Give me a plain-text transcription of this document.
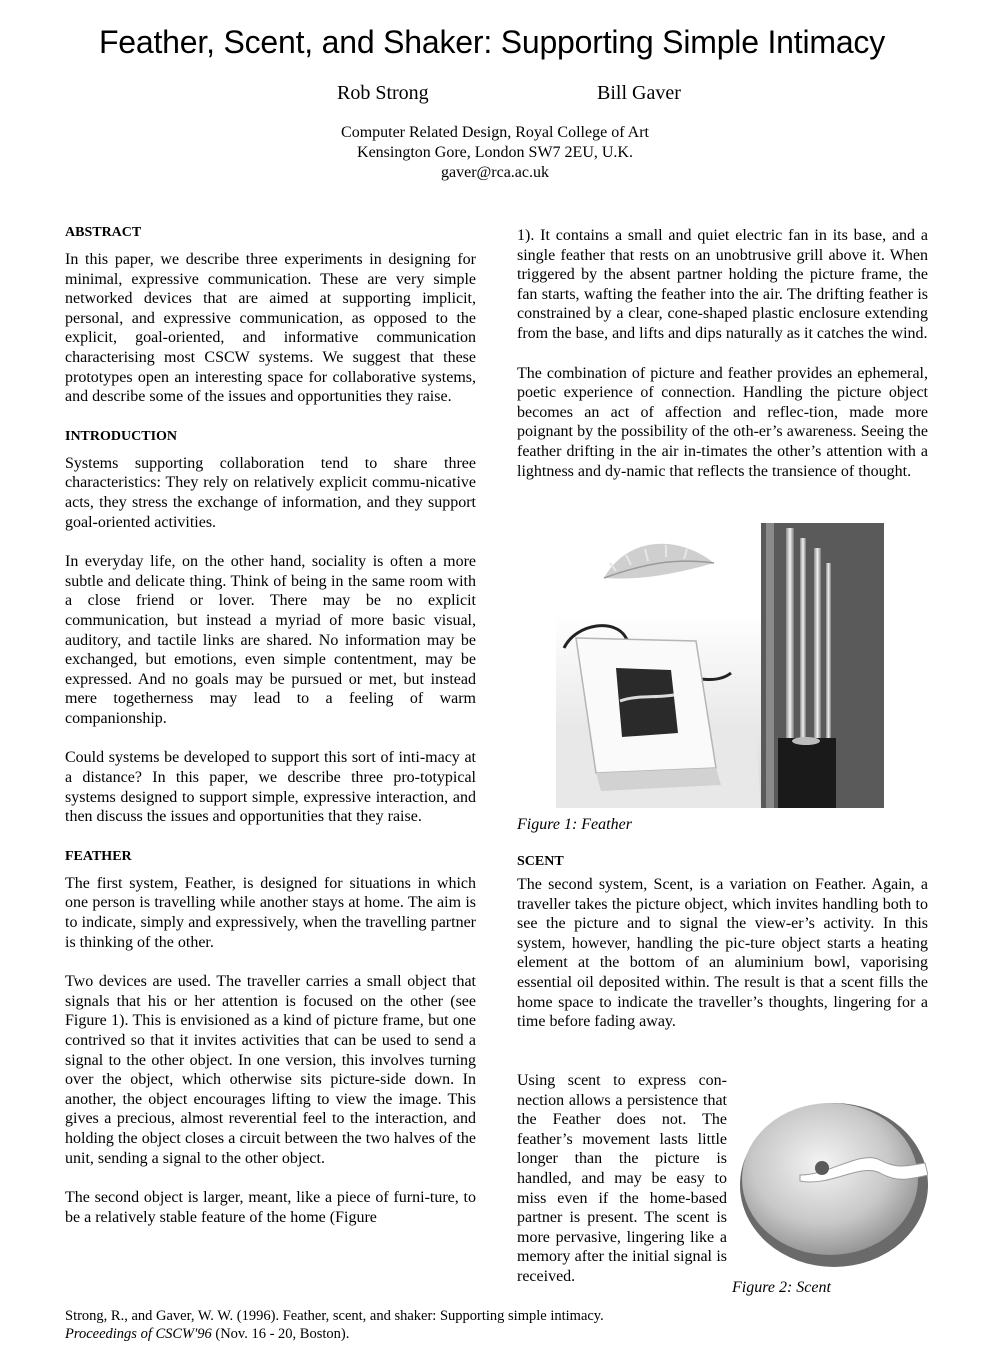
Feather, Scent, and Shaker: Supporting Simple Intimacy
Rob Strong	Bill Gaver
Computer Related Design, Royal College of Art
Kensington Gore, London SW7 2EU, U.K.
gaver@rca.ac.uk

ABSTRACT

In this paper, we describe three experiments in designing for minimal, expressive communication. These are very simple networked devices that are aimed at supporting implicit, personal, and expressive communication, as opposed to the explicit, goal-oriented, and informative communication characterising most CSCW systems. We suggest that these prototypes open an interesting space for collaborative systems, and describe some of the issues and opportunities they raise.

INTRODUCTION

Systems supporting collaboration tend to share three characteristics: They rely on relatively explicit commu-nicative acts, they stress the exchange of information, and they support goal-oriented activities.

In everyday life, on the other hand, sociality is often a more subtle and delicate thing. Think of being in the same room with a close friend or lover. There may be no explicit communication, but instead a myriad of more basic visual, auditory, and tactile links are shared. No information may be exchanged, but emotions, even simple contentment, may be expressed. And no goals may be pursued or met, but instead mere togetherness may lead to a feeling of warm companionship.

Could systems be developed to support this sort of inti-macy at a distance? In this paper, we describe three pro-totypical systems designed to support simple, expressive interaction, and then discuss the issues and opportunities that they raise.

FEATHER

The first system, Feather, is designed for situations in which one person is travelling while another stays at home. The aim is to indicate, simply and expressively, when the travelling partner is thinking of the other.

Two devices are used. The traveller carries a small object that signals that his or her attention is focused on the other (see Figure 1). This is envisioned as a kind of picture frame, but one contrived so that it invites activities that can be used to send a signal to the other object. In one version, this involves turning over the object, which otherwise sits picture-side down. In another, the object encourages lifting to view the image. This gives a precious, almost reverential feel to the interaction, and holding the object closes a circuit between the two halves of the unit, sending a signal to the other object.

The second object is larger, meant, like a piece of furni-ture, to be a relatively stable feature of the home (Figure

1). It contains a small and quiet electric fan in its base, and a single feather that rests on an unobtrusive grill above it. When triggered by the absent partner holding the picture frame, the fan starts, wafting the feather into the air. The drifting feather is constrained by a clear, cone-shaped plastic enclosure extending from the base, and lifts and dips naturally as it catches the wind.

The combination of picture and feather provides an ephemeral, poetic experience of connection. Handling the picture object becomes an act of affection and reflec-tion, made more poignant by the possibility of the oth-er’s awareness. Seeing the feather drifting in the air in-timates the other’s attention with a lightness and dy-namic that reflects the transience of thought.

Figure 1: Feather

SCENT

The second system, Scent, is a variation on Feather. Again, a traveller takes the picture object, which invites handling both to see the picture and to signal the view-er’s activity. In this system, however, handling the pic-ture object starts a heating element at the bottom of an aluminium bowl, vaporising essential oil deposited within. The result is that a scent fills the home space to indicate the traveller’s thoughts, lingering for a time before fading away.

Using scent to express con-nection allows a persistence that the Feather does not. The feather’s movement lasts little longer than the picture is handled, and may be easy to miss even if the home-based partner is present. The scent is more pervasive, lingering like a memory after the initial signal is received.

Figure 2: Scent
Strong, R., and Gaver, W. W. (1996). Feather, scent, and shaker: Supporting simple intimacy.
Proceedings of CSCW'96 (Nov. 16 - 20, Boston).
